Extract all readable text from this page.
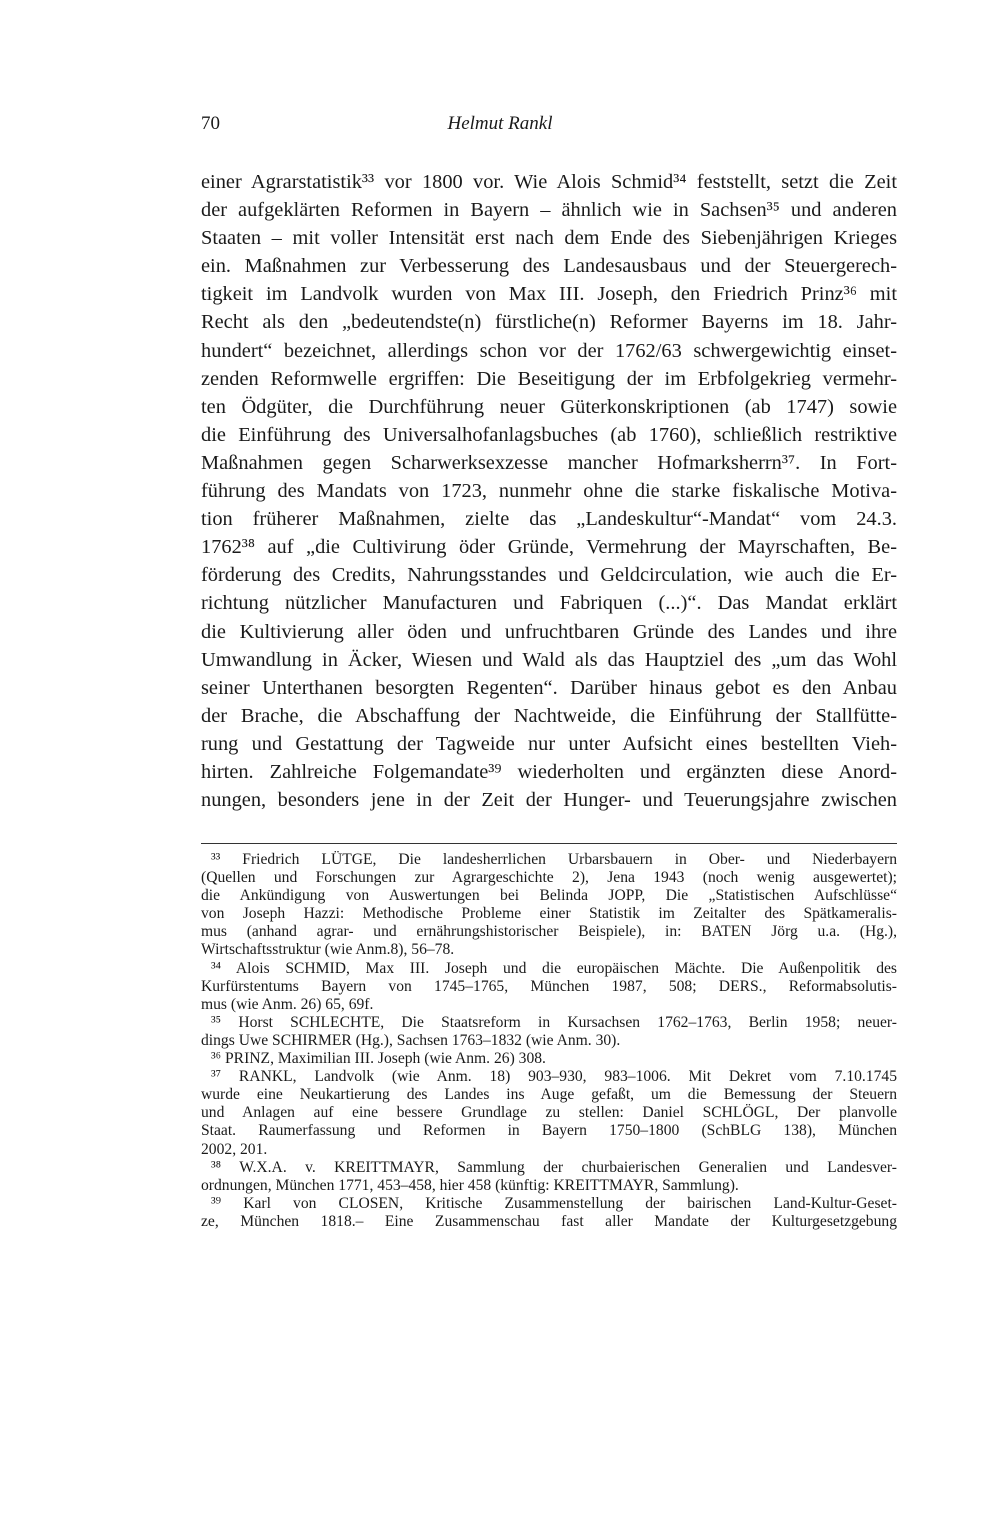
70	Helmut Rankl
einer Agrarstatistik³³ vor 1800 vor. Wie Alois Schmid³⁴ feststellt, setzt die Zeit
der aufgeklärten Reformen in Bayern – ähnlich wie in Sachsen³⁵ und anderen
Staaten – mit voller Intensität erst nach dem Ende des Siebenjährigen Krieges
ein. Maßnahmen zur Verbesserung des Landesausbaus und der Steuergerech-
tigkeit im Landvolk wurden von Max III. Joseph, den Friedrich Prinz³⁶ mit
Recht als den „bedeutendste(n) fürstliche(n) Reformer Bayerns im 18. Jahr-
hundert“ bezeichnet, allerdings schon vor der 1762/63 schwergewichtig einset-
zenden Reformwelle ergriffen: Die Beseitigung der im Erbfolgekrieg vermehr-
ten Ödgüter, die Durchführung neuer Güterkonskriptionen (ab 1747) sowie
die Einführung des Universalhofanlagsbuches (ab 1760), schließlich restriktive
Maßnahmen gegen Scharwerksexzesse mancher Hofmarksherrn³⁷. In Fort-
führung des Mandats von 1723, nunmehr ohne die starke fiskalische Motiva-
tion früherer Maßnahmen, zielte das „Landeskultur“-Mandat“ vom 24.3.
1762³⁸ auf „die Cultivirung öder Gründe, Vermehrung der Mayrschaften, Be-
förderung des Credits, Nahrungsstandes und Geldcirculation, wie auch die Er-
richtung nützlicher Manufacturen und Fabriquen (...)“. Das Mandat erklärt
die Kultivierung aller öden und unfruchtbaren Gründe des Landes und ihre
Umwandlung in Äcker, Wiesen und Wald als das Hauptziel des „um das Wohl
seiner Unterthanen besorgten Regenten“. Darüber hinaus gebot es den Anbau
der Brache, die Abschaffung der Nachtweide, die Einführung der Stallfütte-
rung und Gestattung der Tagweide nur unter Aufsicht eines bestellten Vieh-
hirten. Zahlreiche Folgemandate³⁹ wiederholten und ergänzten diese Anord-
nungen, besonders jene in der Zeit der Hunger- und Teuerungsjahre zwischen
³³ Friedrich LÜTGE, Die landesherrlichen Urbarsbauern in Ober- und Niederbayern
(Quellen und Forschungen zur Agrargeschichte 2), Jena 1943 (noch wenig ausgewertet);
die Ankündigung von Auswertungen bei Belinda JOPP, Die „Statistischen Aufschlüsse“
von Joseph Hazzi: Methodische Probleme einer Statistik im Zeitalter des Spätkameralis-
mus (anhand agrar- und ernährungshistorischer Beispiele), in: BATEN Jörg u.a. (Hg.),
Wirtschaftsstruktur (wie Anm.8), 56–78.
³⁴ Alois SCHMID, Max III. Joseph und die europäischen Mächte. Die Außenpolitik des
Kurfürstentums Bayern von 1745–1765, München 1987, 508; DERS., Reformabsolutis-
mus (wie Anm. 26) 65, 69f.
³⁵ Horst SCHLECHTE, Die Staatsreform in Kursachsen 1762–1763, Berlin 1958; neuer-
dings Uwe SCHIRMER (Hg.), Sachsen 1763–1832 (wie Anm. 30).
³⁶ PRINZ, Maximilian III. Joseph (wie Anm. 26) 308.
³⁷ RANKL, Landvolk (wie Anm. 18) 903–930, 983–1006. Mit Dekret vom 7.10.1745
wurde eine Neukartierung des Landes ins Auge gefaßt, um die Bemessung der Steuern
und Anlagen auf eine bessere Grundlage zu stellen: Daniel SCHLÖGL, Der planvolle
Staat. Raumerfassung und Reformen in Bayern 1750–1800 (SchBLG 138), München
2002, 201.
³⁸ W.X.A. v. KREITTMAYR, Sammlung der churbaierischen Generalien und Landesver-
ordnungen, München 1771, 453–458, hier 458 (künftig: KREITTMAYR, Sammlung).
³⁹ Karl von CLOSEN, Kritische Zusammenstellung der bairischen Land-Kultur-Geset-
ze, München 1818.– Eine Zusammenschau fast aller Mandate der Kulturgesetzgebung
